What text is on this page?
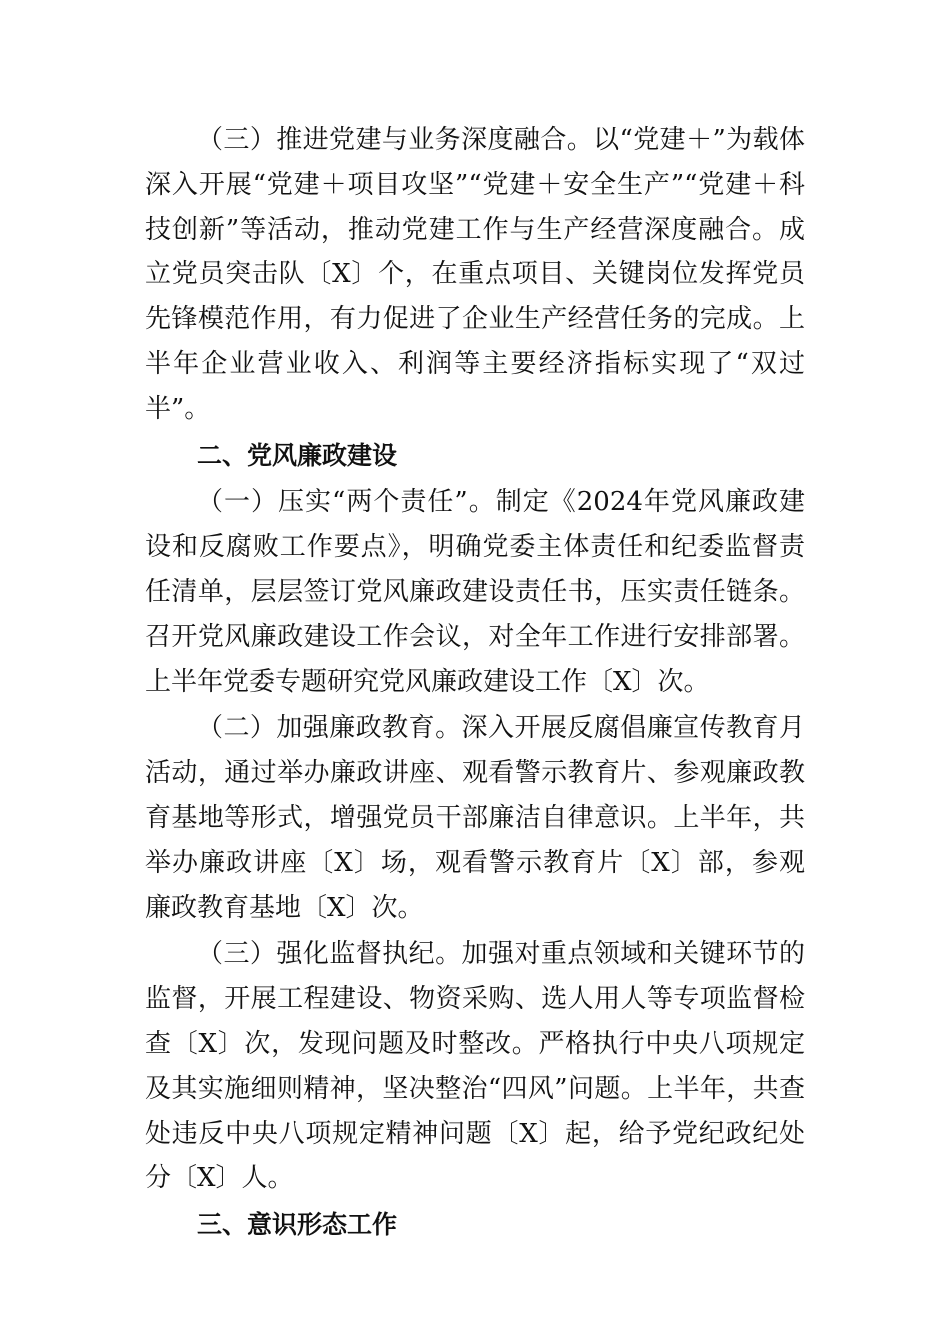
（三）推进党建与业务深度融合。以“党建＋”为载体深入开展“党建＋项目攻坚”“党建＋安全生产”“党建＋科技创新”等活动，推动党建工作与生产经营深度融合。成立党员突击队〔X〕个，在重点项目、关键岗位发挥党员先锋模范作用，有力促进了企业生产经营任务的完成。上半年企业营业收入、利润等主要经济指标实现了“双过半”。

二、党风廉政建设

（一）压实“两个责任”。制定《2024年党风廉政建设和反腐败工作要点》，明确党委主体责任和纪委监督责任清单，层层签订党风廉政建设责任书，压实责任链条。召开党风廉政建设工作会议，对全年工作进行安排部署。上半年党委专题研究党风廉政建设工作〔X〕次。

（二）加强廉政教育。深入开展反腐倡廉宣传教育月活动，通过举办廉政讲座、观看警示教育片、参观廉政教育基地等形式，增强党员干部廉洁自律意识。上半年，共举办廉政讲座〔X〕场，观看警示教育片〔X〕部，参观廉政教育基地〔X〕次。

（三）强化监督执纪。加强对重点领域和关键环节的监督，开展工程建设、物资采购、选人用人等专项监督检查〔X〕次，发现问题及时整改。严格执行中央八项规定及其实施细则精神，坚决整治“四风”问题。上半年，共查处违反中央八项规定精神问题〔X〕起，给予党纪政纪处分〔X〕人。

三、意识形态工作
